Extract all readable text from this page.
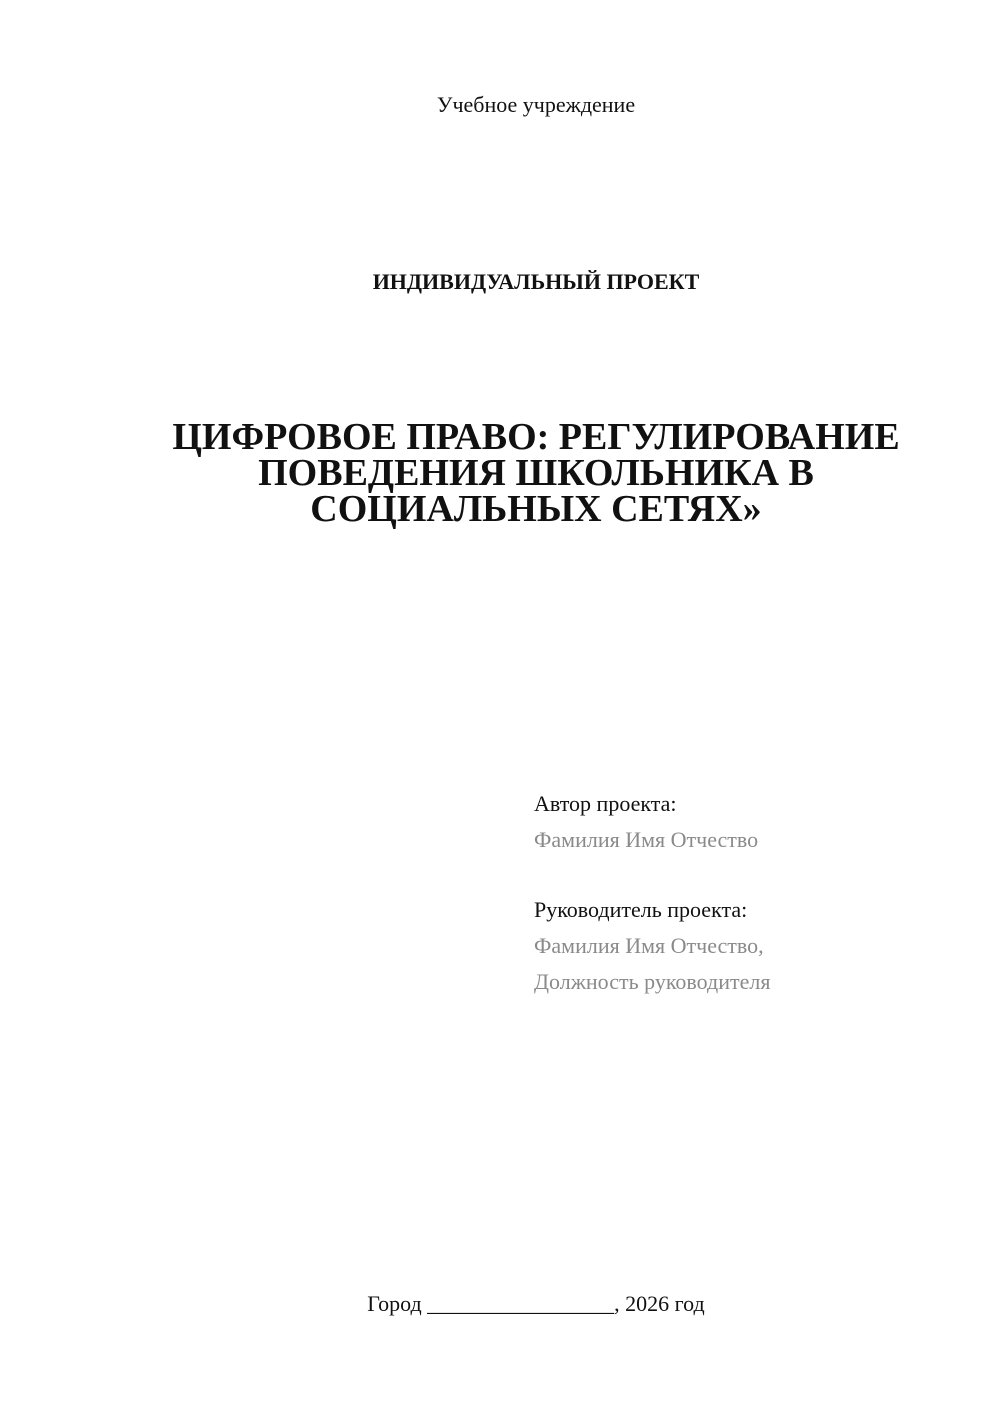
Учебное учреждение
ИНДИВИДУАЛЬНЫЙ ПРОЕКТ
ЦИФРОВОЕ ПРАВО: РЕГУЛИРОВАНИЕ
ПОВЕДЕНИЯ ШКОЛЬНИКА В
СОЦИАЛЬНЫХ СЕТЯХ»
Автор проекта:
Фамилия Имя Отчество
Руководитель проекта:
Фамилия Имя Отчество,
Должность руководителя
Город _________________, 2026 год
